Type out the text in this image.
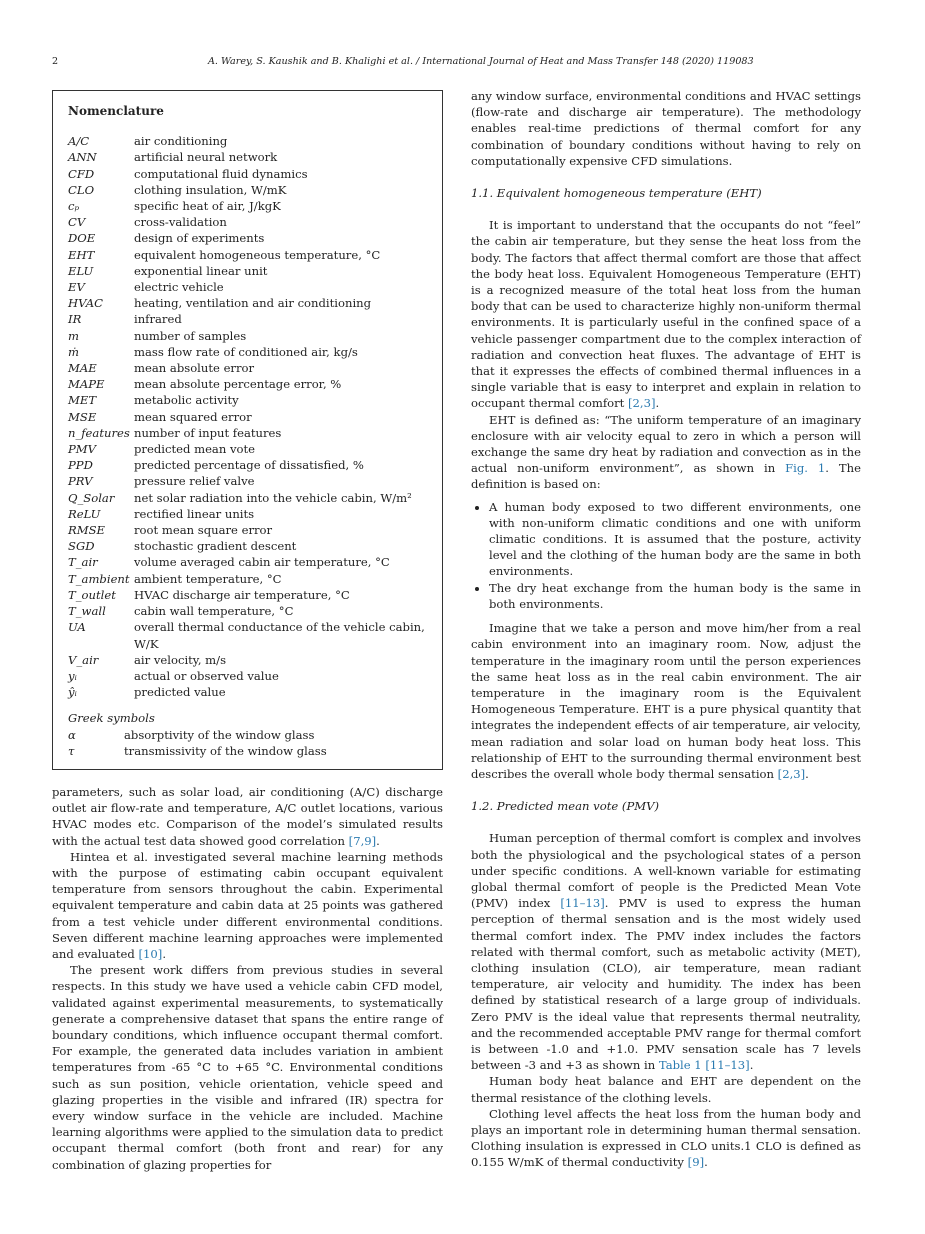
2	A. Warey, S. Kaushik and B. Khalighi et al. / International Journal of Heat and Mass Transfer 148 (2020) 119083
Nomenclature
A/C	air conditioning
ANN	artificial neural network
CFD	computational fluid dynamics
CLO	clothing insulation, W/mK
cₚ	specific heat of air, J/kgK
CV	cross-validation
DOE	design of experiments
EHT	equivalent homogeneous temperature, °C
ELU	exponential linear unit
EV	electric vehicle
HVAC	heating, ventilation and air conditioning
IR	infrared
m	number of samples
ṁ	mass flow rate of conditioned air, kg/s
MAE	mean absolute error
MAPE	mean absolute percentage error, %
MET	metabolic activity
MSE	mean squared error
n_features number of input features
PMV	predicted mean vote
PPD	predicted percentage of dissatisfied, %
PRV	pressure relief valve
Q_Solar	net solar radiation into the vehicle cabin, W/m²
ReLU	rectified linear units
RMSE	root mean square error
SGD	stochastic gradient descent
T_air	volume averaged cabin air temperature, °C
T_ambient ambient temperature, °C
T_outlet	HVAC discharge air temperature, °C
T_wall	cabin wall temperature, °C
UA	overall thermal conductance of the vehicle cabin, W/K
V_air	air velocity, m/s
yᵢ	actual or observed value
ŷᵢ	predicted value
Greek symbols
α	absorptivity of the window glass
τ	transmissivity of the window glass

parameters, such as solar load, air conditioning (A/C) discharge outlet air flow-rate and temperature, A/C outlet locations, various HVAC modes etc. Comparison of the model’s simulated results with the actual test data showed good correlation [7,9].

Hintea et al. investigated several machine learning methods with the purpose of estimating cabin occupant equivalent temperature from sensors throughout the cabin. Experimental equivalent temperature and cabin data at 25 points was gathered from a test vehicle under different environmental conditions. Seven different machine learning approaches were implemented and evaluated [10].

The present work differs from previous studies in several respects. In this study we have used a vehicle cabin CFD model, validated against experimental measurements, to systematically generate a comprehensive dataset that spans the entire range of boundary conditions, which influence occupant thermal comfort. For example, the generated data includes variation in ambient temperatures from -65 °C to +65 °C. Environmental conditions such as sun position, vehicle orientation, vehicle speed and glazing properties in the visible and infrared (IR) spectra for every window surface in the vehicle are included. Machine learning algorithms were applied to the simulation data to predict occupant thermal comfort (both front and rear) for any combination of glazing properties for

any window surface, environmental conditions and HVAC settings (flow-rate and discharge air temperature). The methodology enables real-time predictions of thermal comfort for any combination of boundary conditions without having to rely on computationally expensive CFD simulations.

1.1. Equivalent homogeneous temperature (EHT)

It is important to understand that the occupants do not “feel” the cabin air temperature, but they sense the heat loss from the body. The factors that affect thermal comfort are those that affect the body heat loss. Equivalent Homogeneous Temperature (EHT) is a recognized measure of the total heat loss from the human body that can be used to characterize highly non-uniform thermal environments. It is particularly useful in the confined space of a vehicle passenger compartment due to the complex interaction of radiation and convection heat fluxes. The advantage of EHT is that it expresses the effects of combined thermal influences in a single variable that is easy to interpret and explain in relation to occupant thermal comfort [2,3].

EHT is defined as: “The uniform temperature of an imaginary enclosure with air velocity equal to zero in which a person will exchange the same dry heat by radiation and convection as in the actual non-uniform environment”, as shown in Fig. 1. The definition is based on:

• A human body exposed to two different environments, one with non-uniform climatic conditions and one with uniform climatic conditions. It is assumed that the posture, activity level and the clothing of the human body are the same in both environments.
• The dry heat exchange from the human body is the same in both environments.

Imagine that we take a person and move him/her from a real cabin environment into an imaginary room. Now, adjust the temperature in the imaginary room until the person experiences the same heat loss as in the real cabin environment. The air temperature in the imaginary room is the Equivalent Homogeneous Temperature. EHT is a pure physical quantity that integrates the independent effects of air temperature, air velocity, mean radiation and solar load on human body heat loss. This relationship of EHT to the surrounding thermal environment best describes the overall whole body thermal sensation [2,3].

1.2. Predicted mean vote (PMV)

Human perception of thermal comfort is complex and involves both the physiological and the psychological states of a person under specific conditions. A well-known variable for estimating global thermal comfort of people is the Predicted Mean Vote (PMV) index [11–13]. PMV is used to express the human perception of thermal sensation and is the most widely used thermal comfort index. The PMV index includes the factors related with thermal comfort, such as metabolic activity (MET), clothing insulation (CLO), air temperature, mean radiant temperature, air velocity and humidity. The index has been defined by statistical research of a large group of individuals. Zero PMV is the ideal value that represents thermal neutrality, and the recommended acceptable PMV range for thermal comfort is between -1.0 and +1.0. PMV sensation scale has 7 levels between -3 and +3 as shown in Table 1 [11–13].

Human body heat balance and EHT are dependent on the thermal resistance of the clothing levels.

Clothing level affects the heat loss from the human body and plays an important role in determining human thermal sensation. Clothing insulation is expressed in CLO units.1 CLO is defined as 0.155 W/mK of thermal conductivity [9].
